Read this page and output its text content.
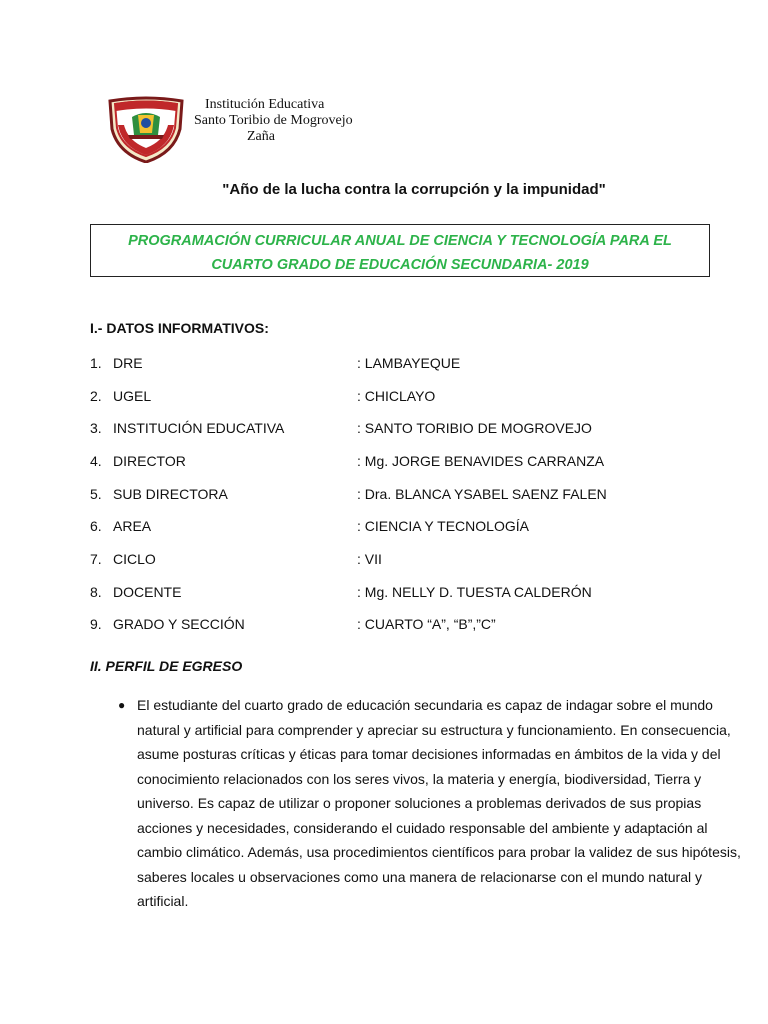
Institución Educativa
Santo Toribio de Mogrovejo
Zaña
"Año de la lucha contra la corrupción y la impunidad"
PROGRAMACIÓN CURRICULAR ANUAL DE CIENCIA Y TECNOLOGÍA PARA EL
CUARTO GRADO DE EDUCACIÓN SECUNDARIA- 2019
I.- DATOS INFORMATIVOS:
1. DRE	: LAMBAYEQUE
2. UGEL	: CHICLAYO
3. INSTITUCIÓN EDUCATIVA	: SANTO TORIBIO DE MOGROVEJO
4. DIRECTOR	: Mg. JORGE BENAVIDES CARRANZA
5. SUB DIRECTORA	: Dra. BLANCA YSABEL SAENZ FALEN
6. AREA	: CIENCIA Y TECNOLOGÍA
7. CICLO	: VII
8. DOCENTE	: Mg. NELLY D. TUESTA CALDERÓN
9. GRADO Y SECCIÓN	: CUARTO “A”, “B”,”C”
II. PERFIL DE EGRESO
● El estudiante del cuarto grado de educación secundaria es capaz de indagar sobre el mundo
natural y artificial para comprender y apreciar su estructura y funcionamiento. En consecuencia,
asume posturas críticas y éticas para tomar decisiones informadas en ámbitos de la vida y del
conocimiento relacionados con los seres vivos, la materia y energía, biodiversidad, Tierra y
universo. Es capaz de utilizar o proponer soluciones a problemas derivados de sus propias
acciones y necesidades, considerando el cuidado responsable del ambiente y adaptación al
cambio climático. Además, usa procedimientos científicos para probar la validez de sus hipótesis,
saberes locales u observaciones como una manera de relacionarse con el mundo natural y
artificial.
